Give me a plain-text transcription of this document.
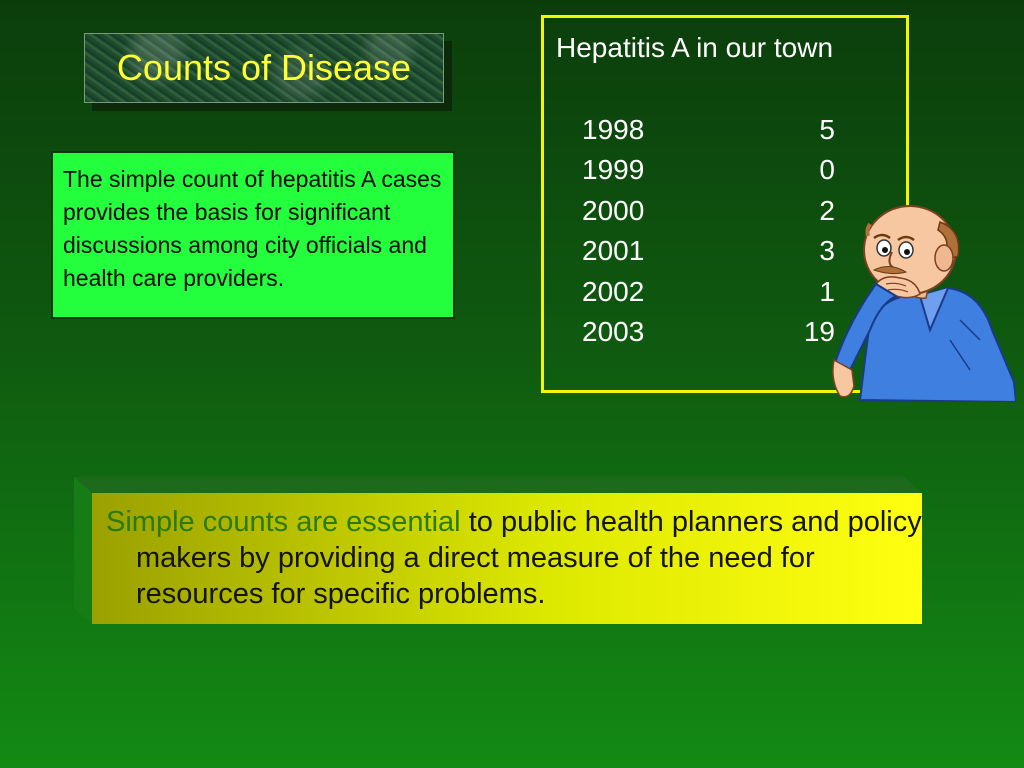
Counts of Disease
The simple count of hepatitis A cases provides the basis for significant discussions among city officials and health care providers.
Hepatitis A in our town
1998	5
1999	0
2000	2
2001	3
2002	1
2003	19
Simple counts are essential to public health planners and policy makers by providing a direct measure of the need for resources for specific problems.
